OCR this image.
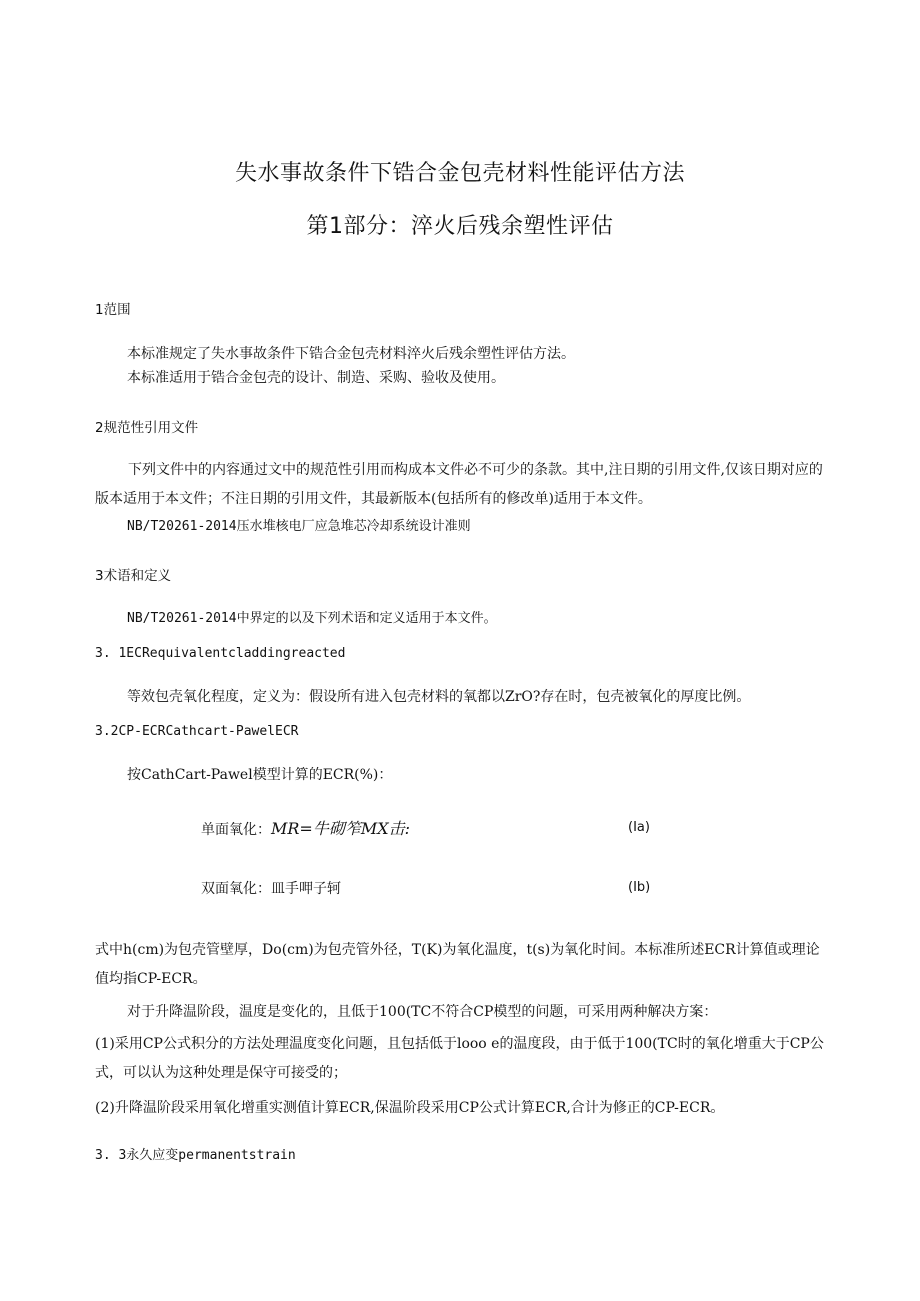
失水事故条件下锆合金包壳材料性能评估方法
第1部分：淬火后残余塑性评估
1范围
本标准规定了失水事故条件下锆合金包壳材料淬火后残余塑性评估方法。
本标准适用于锆合金包壳的设计、制造、采购、验收及使用。
2规范性引用文件
下列文件中的内容通过文中的规范性引用而构成本文件必不可少的条款。其中,注日期的引用文件,仅该日期对应的版本适用于本文件；不注日期的引用文件，其最新版本(包括所有的修改单)适用于本文件。
NB/T20261-2014压水堆核电厂应急堆芯冷却系统设计准则
3术语和定义
NB/T20261-2014中界定的以及下列术语和定义适用于本文件。
3. 1ECRequivalentcladdingreacted
等效包壳氧化程度，定义为：假设所有进入包壳材料的氧都以ZrO?存在时，包壳被氧化的厚度比例。
3.2CP-ECRCathcart-PawelECR
按CathCart-Pawel模型计算的ECR(%)：
单面氧化：MR=牛砌笮MX击:	(Ia)
双面氧化：皿手呷子轲	(Ib)
式中h(cm)为包壳管壁厚，Do(cm)为包壳管外径，T(K)为氧化温度，t(s)为氧化时间。本标准所述ECR计算值或理论值均指CP-ECR。
对于升降温阶段，温度是变化的，且低于100(TC不符合CP模型的问题，可采用两种解决方案：
(1)采用CP公式积分的方法处理温度变化问题，且包括低于looo e的温度段，由于低于100(TC时的氧化增重大于CP公式，可以认为这种处理是保守可接受的；
(2)升降温阶段采用氧化增重实测值计算ECR,保温阶段采用CP公式计算ECR,合计为修正的CP-ECR。
3. 3永久应变permanentstrain
